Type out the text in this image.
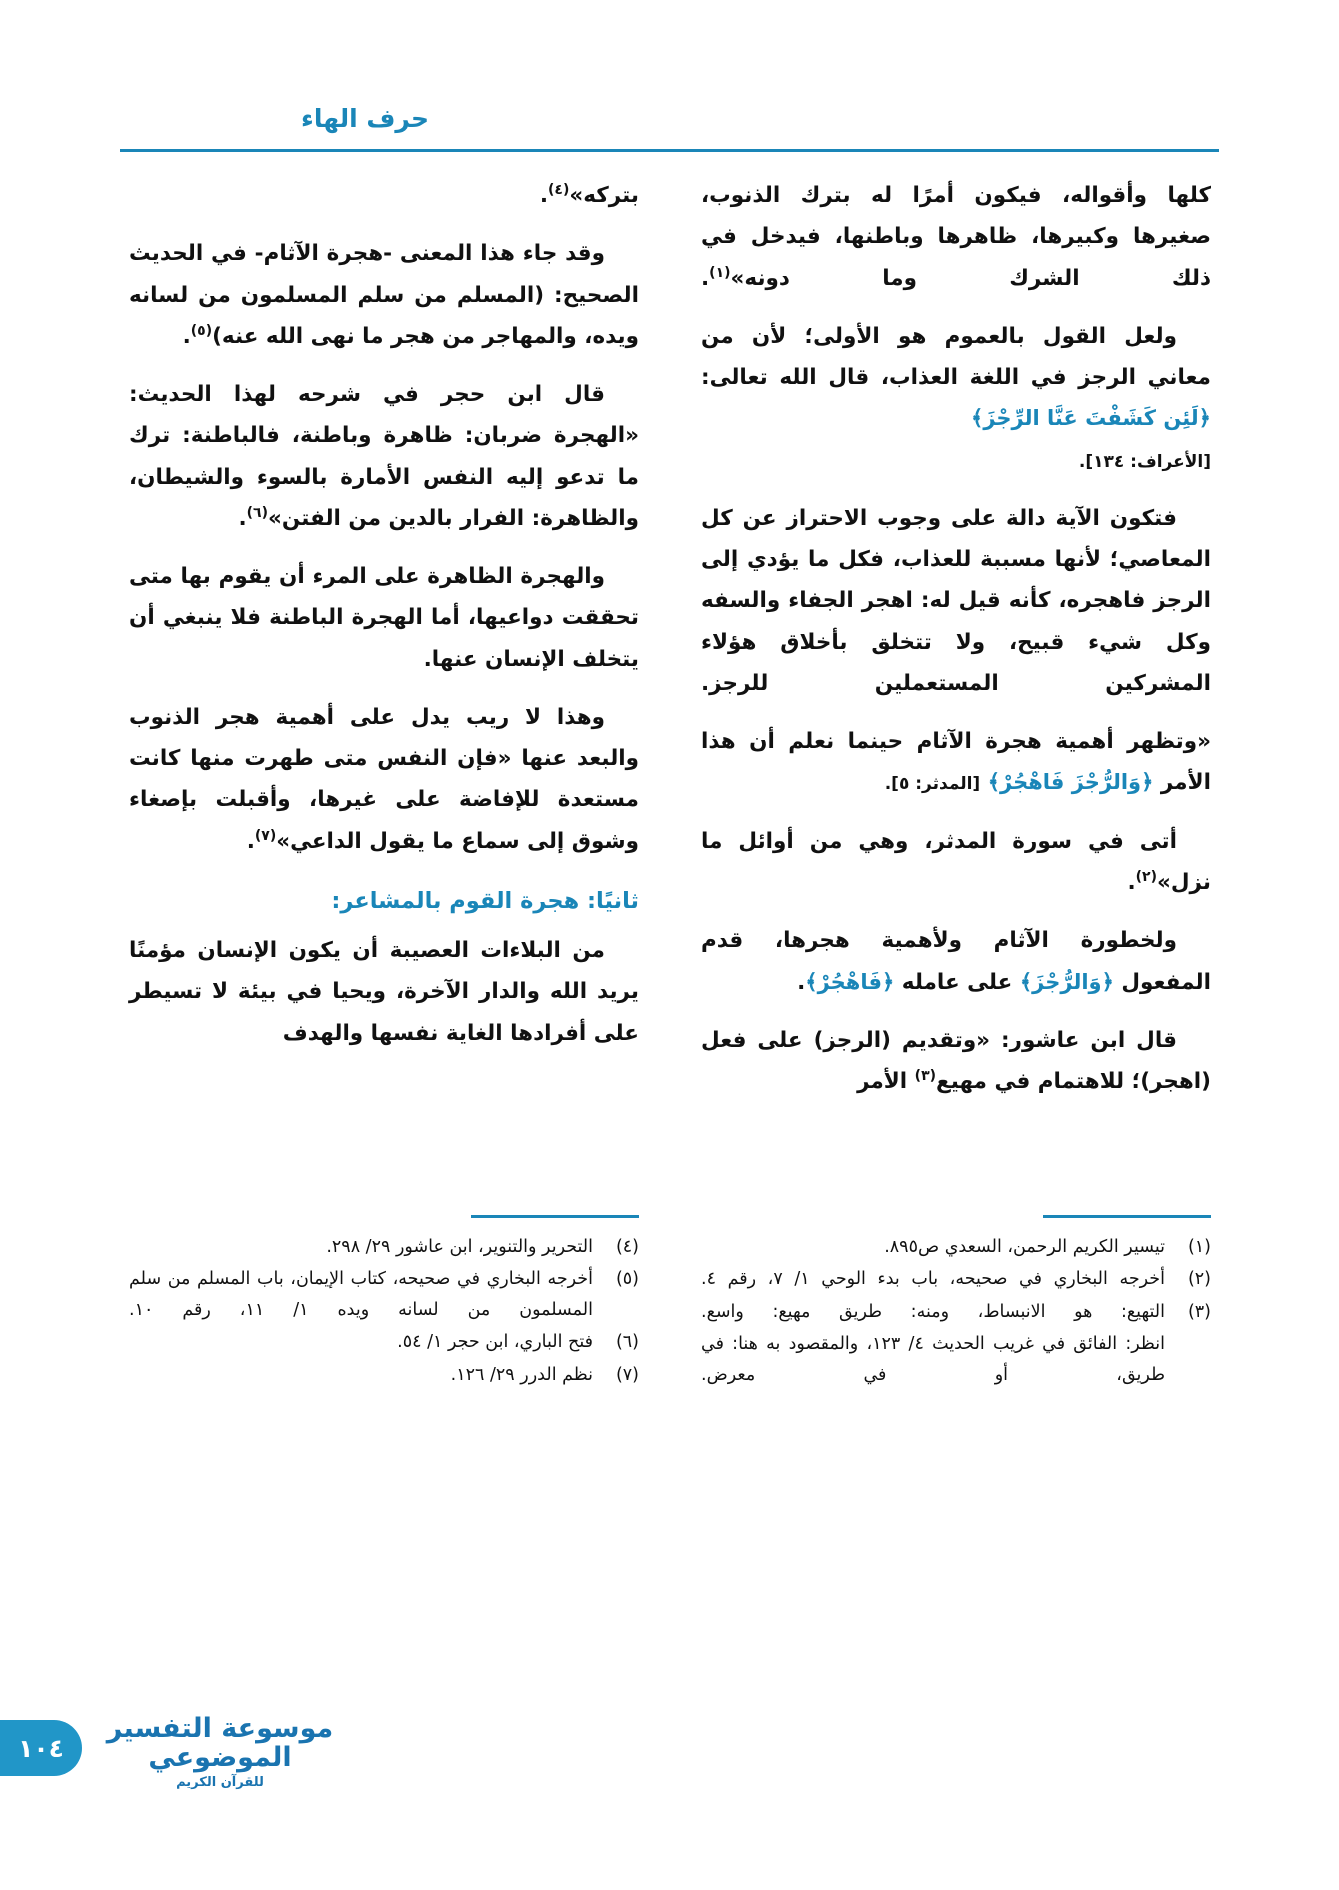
حرف الهاء

كلها وأقواله، فيكون أمرًا له بترك الذنوب، صغيرها وكبيرها، ظاهرها وباطنها، فيدخل في ذلك الشرك وما دونه»$^{(١)}$.

ولعل القول بالعموم هو الأولى؛ لأن من معاني الرجز في اللغة العذاب، قال الله تعالى: ﴿لَئِن كَشَفْتَ عَنَّا الرِّجْزَ﴾
[الأعراف: ١٣٤].

فتكون الآية دالة على وجوب الاحتراز عن كل المعاصي؛ لأنها مسببة للعذاب، فكل ما يؤدي إلى الرجز فاهجره، كأنه قيل له: اهجر الجفاء والسفه وكل شيء قبيح، ولا تتخلق بأخلاق هؤلاء المشركين المستعملين للرجز.

«وتظهر أهمية هجرة الآثام حينما نعلم أن هذا الأمر ﴿وَالرُّجْزَ فَاهْجُرْ﴾ [المدثر: ٥].

أتى في سورة المدثر، وهي من أوائل ما نزل»$^{(٢)}$.

ولخطورة الآثام ولأهمية هجرها، قدم المفعول ﴿وَالرُّجْزَ﴾ على عامله ﴿فَاهْجُرْ﴾.

قال ابن عاشور: «وتقديم (الرجز) على فعل (اهجر)؛ للاهتمام في مهيع$^{(٣)}$ الأمر

بتركه»$^{(٤)}$.

وقد جاء هذا المعنى -هجرة الآثام- في الحديث الصحيح: (المسلم من سلم المسلمون من لسانه ويده، والمهاجر من هجر ما نهى الله عنه)$^{(٥)}$.

قال ابن حجر في شرحه لهذا الحديث: «الهجرة ضربان: ظاهرة وباطنة، فالباطنة: ترك ما تدعو إليه النفس الأمارة بالسوء والشيطان، والظاهرة: الفرار بالدين من الفتن»$^{(٦)}$.

والهجرة الظاهرة على المرء أن يقوم بها متى تحققت دواعيها، أما الهجرة الباطنة فلا ينبغي أن يتخلف الإنسان عنها.

وهذا لا ريب يدل على أهمية هجر الذنوب والبعد عنها «فإن النفس متى طهرت منها كانت مستعدة للإفاضة على غيرها، وأقبلت بإصغاء وشوق إلى سماع ما يقول الداعي»$^{(٧)}$.

ثانيًا: هجرة القوم بالمشاعر:

من البلاءات العصيبة أن يكون الإنسان مؤمنًا يريد الله والدار الآخرة، ويحيا في بيئة لا تسيطر على أفرادها الغاية نفسها والهدف

(١)
تيسير الكريم الرحمن، السعدي ص٨٩٥.
(٢)
أخرجه البخاري في صحيحه، باب بدء الوحي ١/ ٧، رقم ٤.
(٣)
التهيع: هو الانبساط، ومنه: طريق مهيع: واسع.
انظر: الفائق في غريب الحديث ٤/ ١٢٣، والمقصود به هنا: في طريق، أو في معرض.
(٤)
التحرير والتنوير، ابن عاشور ٢٩/ ٢٩٨.
(٥)
أخرجه البخاري في صحيحه، كتاب الإيمان، باب المسلم من سلم المسلمون من لسانه ويده ١/ ١١، رقم ١٠.
(٦)
فتح الباري، ابن حجر ١/ ٥٤.
(٧)
نظم الدرر ٢٩/ ١٢٦.
١٠٤
موسوعة التفسير الموضوعي
للقرآن الكريم
